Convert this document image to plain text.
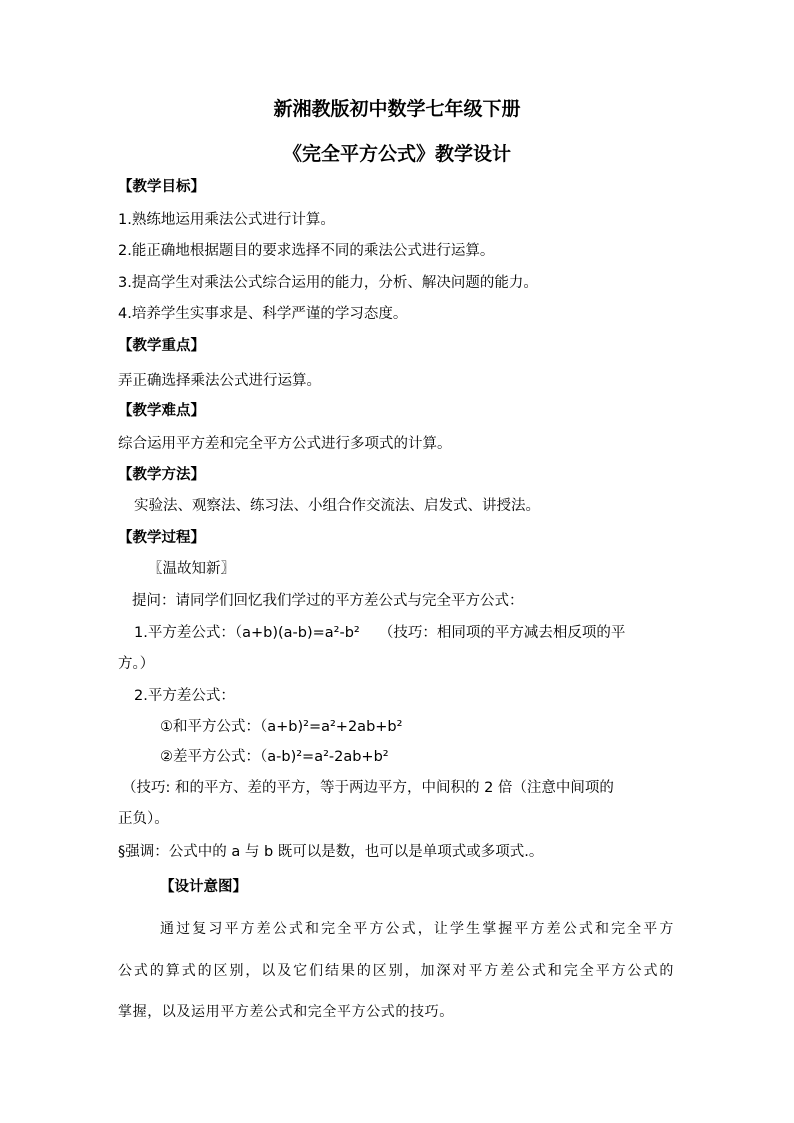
新湘教版初中数学七年级下册
《完全平方公式》教学设计
【教学目标】
1.熟练地运用乘法公式进行计算。
2.能正确地根据题目的要求选择不同的乘法公式进行运算。
3.提高学生对乘法公式综合运用的能力，分析、解决问题的能力。
4.培养学生实事求是、科学严谨的学习态度。
【教学重点】
弄正确选择乘法公式进行运算。
【教学难点】
综合运用平方差和完全平方公式进行多项式的计算。
【教学方法】
实验法、观察法、练习法、小组合作交流法、启发式、讲授法。
【教学过程】
〖温故知新〗
提问：请同学们回忆我们学过的平方差公式与完全平方公式：
1.平方差公式：（a+b)(a-b)=a²-b²　 （技巧：相同项的平方减去相反项的平
方。）
2.平方差公式：
①和平方公式：（a+b)²=a²+2ab+b²
②差平方公式：（a-b)²=a²-2ab+b²
（技巧: 和的平方、差的平方，等于两边平方，中间积的 2 倍（注意中间项的
正负）。
§强调：公式中的 a 与 b 既可以是数，也可以是单项式或多项式.。
【设计意图】
通过复习平方差公式和完全平方公式，让学生掌握平方差公式和完全平方
公式的算式的区别，以及它们结果的区别，加深对平方差公式和完全平方公式的
掌握，以及运用平方差公式和完全平方公式的技巧。
